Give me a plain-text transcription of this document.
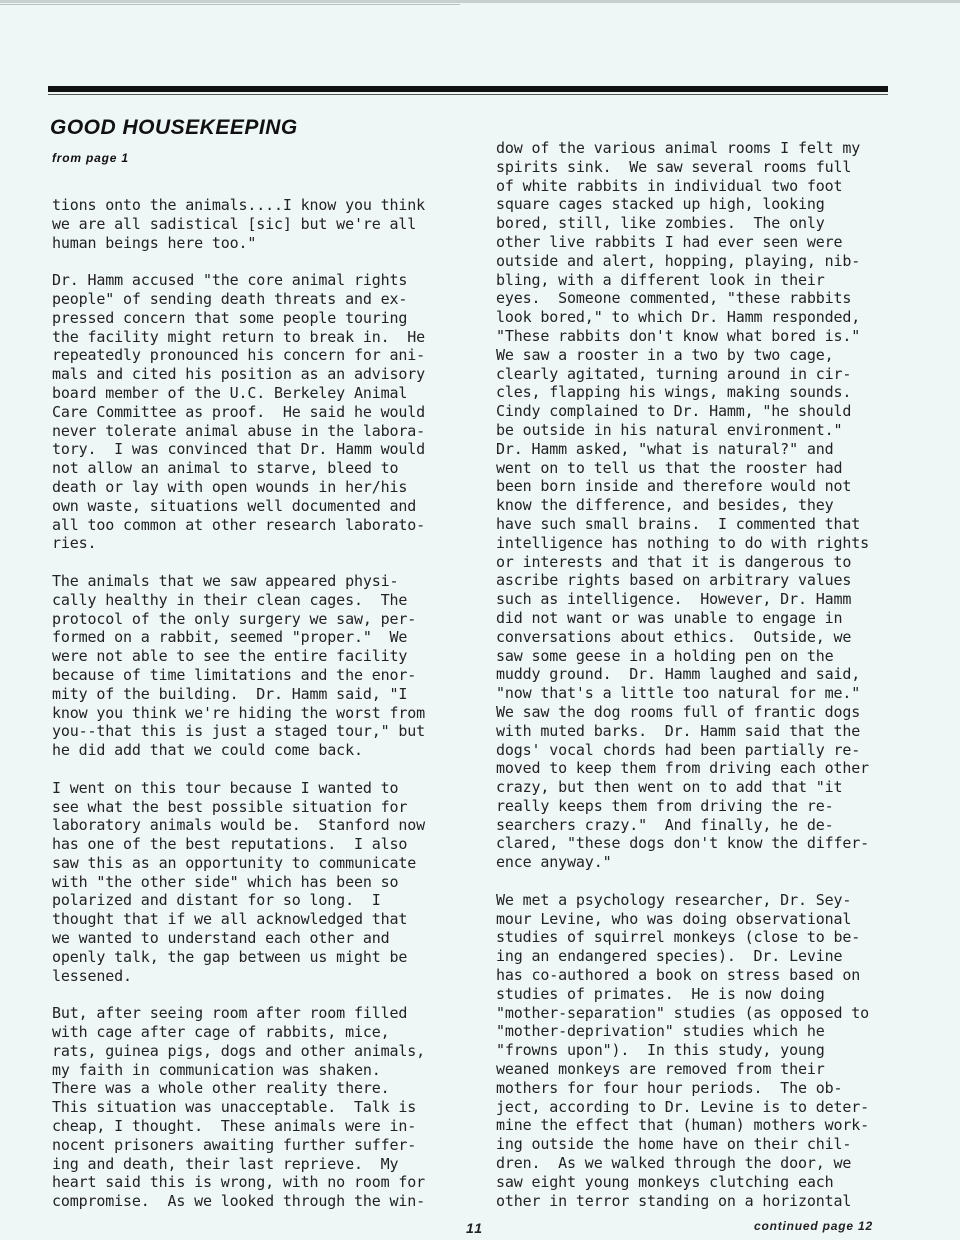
GOOD HOUSEKEEPING
from page 1

tions onto the animals....I know you think
we are all sadistical [sic] but we're all
human beings here too."

Dr. Hamm accused "the core animal rights
people" of sending death threats and ex-
pressed concern that some people touring
the facility might return to break in.  He
repeatedly pronounced his concern for ani-
mals and cited his position as an advisory
board member of the U.C. Berkeley Animal
Care Committee as proof.  He said he would
never tolerate animal abuse in the labora-
tory.  I was convinced that Dr. Hamm would
not allow an animal to starve, bleed to
death or lay with open wounds in her/his
own waste, situations well documented and
all too common at other research laborato-
ries.

The animals that we saw appeared physi-
cally healthy in their clean cages.  The
protocol of the only surgery we saw, per-
formed on a rabbit, seemed "proper."  We
were not able to see the entire facility
because of time limitations and the enor-
mity of the building.  Dr. Hamm said, "I
know you think we're hiding the worst from
you--that this is just a staged tour," but
he did add that we could come back.

I went on this tour because I wanted to
see what the best possible situation for
laboratory animals would be.  Stanford now
has one of the best reputations.  I also
saw this as an opportunity to communicate
with "the other side" which has been so
polarized and distant for so long.  I
thought that if we all acknowledged that
we wanted to understand each other and
openly talk, the gap between us might be
lessened.

But, after seeing room after room filled
with cage after cage of rabbits, mice,
rats, guinea pigs, dogs and other animals,
my faith in communication was shaken.
There was a whole other reality there.
This situation was unacceptable.  Talk is
cheap, I thought.  These animals were in-
nocent prisoners awaiting further suffer-
ing and death, their last reprieve.  My
heart said this is wrong, with no room for
compromise.  As we looked through the win-

dow of the various animal rooms I felt my
spirits sink.  We saw several rooms full
of white rabbits in individual two foot
square cages stacked up high, looking
bored, still, like zombies.  The only
other live rabbits I had ever seen were
outside and alert, hopping, playing, nib-
bling, with a different look in their
eyes.  Someone commented, "these rabbits
look bored," to which Dr. Hamm responded,
"These rabbits don't know what bored is."
We saw a rooster in a two by two cage,
clearly agitated, turning around in cir-
cles, flapping his wings, making sounds.
Cindy complained to Dr. Hamm, "he should
be outside in his natural environment."
Dr. Hamm asked, "what is natural?" and
went on to tell us that the rooster had
been born inside and therefore would not
know the difference, and besides, they
have such small brains.  I commented that
intelligence has nothing to do with rights
or interests and that it is dangerous to
ascribe rights based on arbitrary values
such as intelligence.  However, Dr. Hamm
did not want or was unable to engage in
conversations about ethics.  Outside, we
saw some geese in a holding pen on the
muddy ground.  Dr. Hamm laughed and said,
"now that's a little too natural for me."
We saw the dog rooms full of frantic dogs
with muted barks.  Dr. Hamm said that the
dogs' vocal chords had been partially re-
moved to keep them from driving each other
crazy, but then went on to add that "it
really keeps them from driving the re-
searchers crazy."  And finally, he de-
clared, "these dogs don't know the differ-
ence anyway."

We met a psychology researcher, Dr. Sey-
mour Levine, who was doing observational
studies of squirrel monkeys (close to be-
ing an endangered species).  Dr. Levine
has co-authored a book on stress based on
studies of primates.  He is now doing
"mother-separation" studies (as opposed to
"mother-deprivation" studies which he
"frowns upon").  In this study, young
weaned monkeys are removed from their
mothers for four hour periods.  The ob-
ject, according to Dr. Levine is to deter-
mine the effect that (human) mothers work-
ing outside the home have on their chil-
dren.  As we walked through the door, we
saw eight young monkeys clutching each
other in terror standing on a horizontal

11	continued page 12
